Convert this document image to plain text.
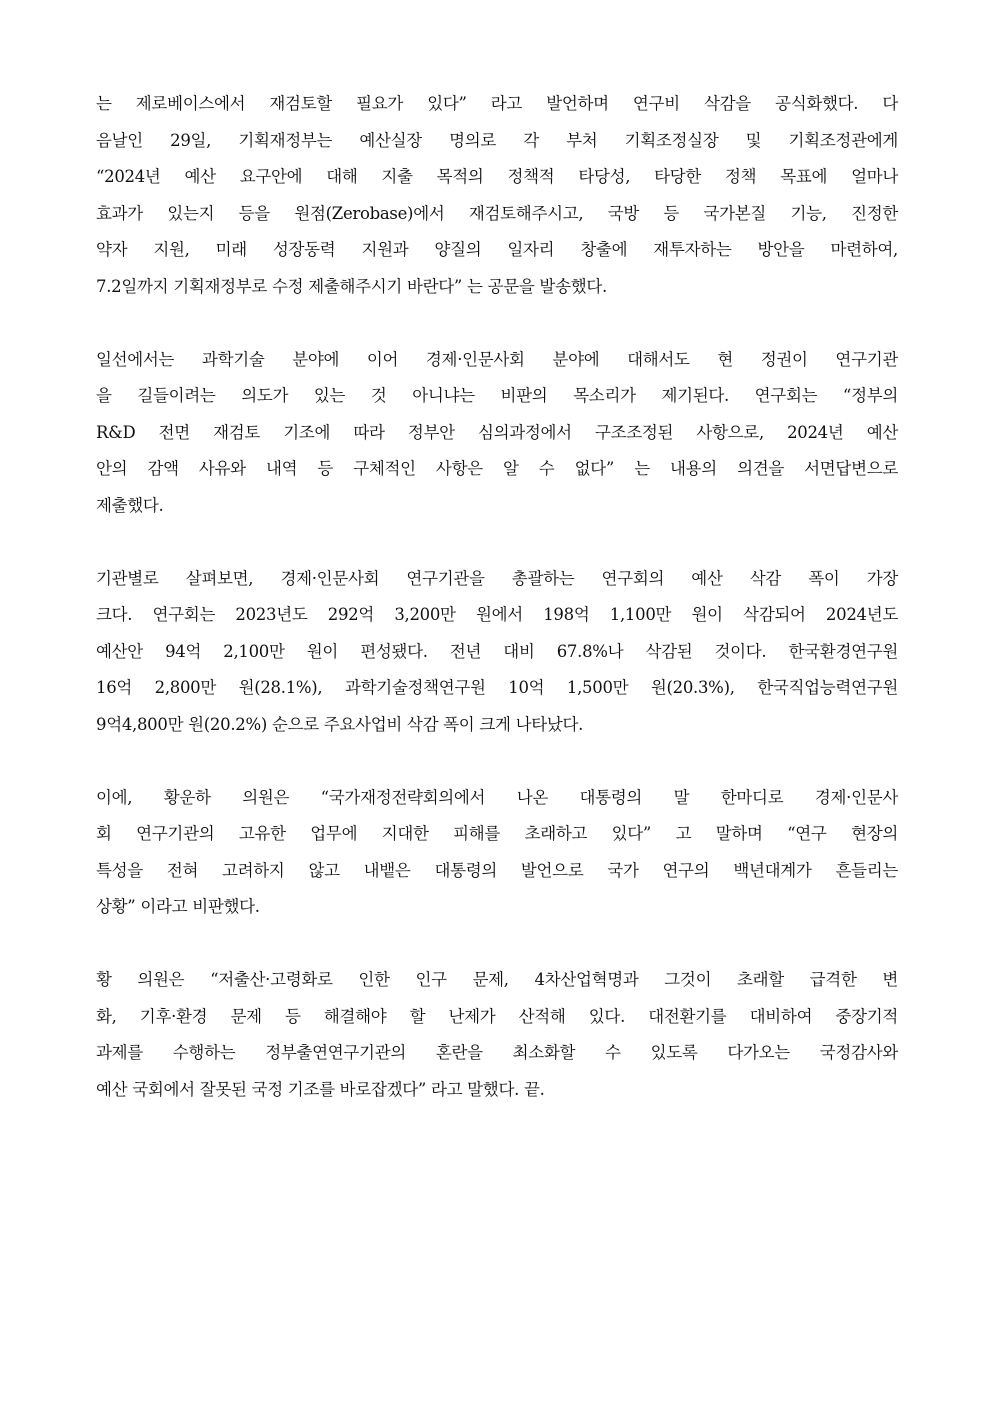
는 제로베이스에서 재검토할 필요가 있다” 라고 발언하며 연구비 삭감을 공식화했다. 다
음날인 29일, 기획재정부는 예산실장 명의로 각 부처 기획조정실장 및 기획조정관에게
“2024년 예산 요구안에 대해 지출 목적의 정책적 타당성, 타당한 정책 목표에 얼마나
효과가 있는지 등을 원점(Zerobase)에서 재검토해주시고, 국방 등 국가본질 기능, 진정한
약자 지원, 미래 성장동력 지원과 양질의 일자리 창출에 재투자하는 방안을 마련하여,
7.2일까지 기획재정부로 수정 제출해주시기 바란다” 는 공문을 발송했다.
일선에서는 과학기술 분야에 이어 경제·인문사회 분야에 대해서도 현 정권이 연구기관
을 길들이려는 의도가 있는 것 아니냐는 비판의 목소리가 제기된다. 연구회는 “정부의
R&D 전면 재검토 기조에 따라 정부안 심의과정에서 구조조정된 사항으로, 2024년 예산
안의 감액 사유와 내역 등 구체적인 사항은 알 수 없다” 는 내용의 의견을 서면답변으로
제출했다.
기관별로 살펴보면, 경제·인문사회 연구기관을 총괄하는 연구회의 예산 삭감 폭이 가장
크다. 연구회는 2023년도 292억 3,200만 원에서 198억 1,100만 원이 삭감되어 2024년도
예산안 94억 2,100만 원이 편성됐다. 전년 대비 67.8%나 삭감된 것이다. 한국환경연구원
16억 2,800만 원(28.1%), 과학기술정책연구원 10억 1,500만 원(20.3%), 한국직업능력연구원
9억4,800만 원(20.2%) 순으로 주요사업비 삭감 폭이 크게 나타났다.
이에, 황운하 의원은 “국가재정전략회의에서 나온 대통령의 말 한마디로 경제·인문사
회 연구기관의 고유한 업무에 지대한 피해를 초래하고 있다” 고 말하며 “연구 현장의
특성을 전혀 고려하지 않고 내뱉은 대통령의 발언으로 국가 연구의 백년대계가 흔들리는
상황” 이라고 비판했다.
황 의원은 “저출산·고령화로 인한 인구 문제, 4차산업혁명과 그것이 초래할 급격한 변
화, 기후·환경 문제 등 해결해야 할 난제가 산적해 있다. 대전환기를 대비하여 중장기적
과제를 수행하는 정부출연연구기관의 혼란을 최소화할 수 있도록 다가오는 국정감사와
예산 국회에서 잘못된 국정 기조를 바로잡겠다” 라고 말했다. 끝.
